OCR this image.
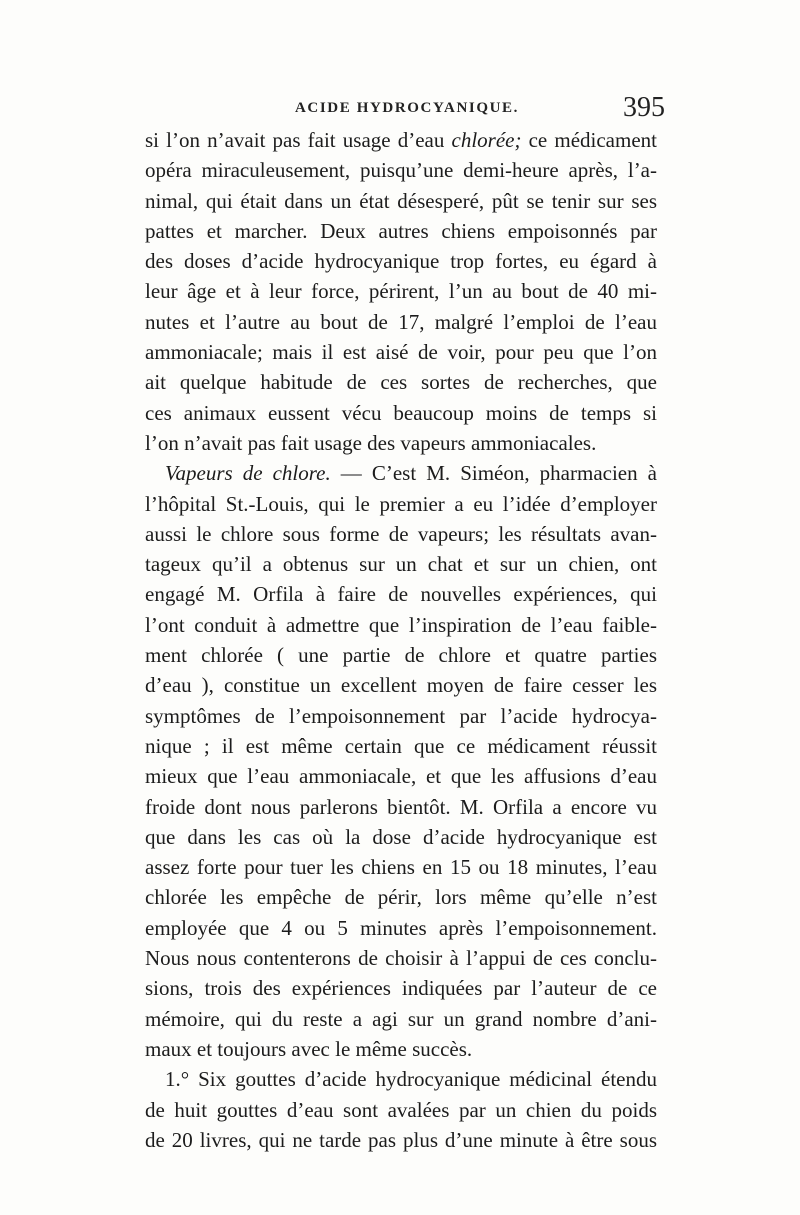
ACIDE HYDROCYANIQUE.	395
si l’on n’avait pas fait usage d’eau chlorée; ce médicament
opéra miraculeusement, puisqu’une demi-heure après, l’a-
nimal, qui était dans un état désesperé, pût se tenir sur ses
pattes et marcher. Deux autres chiens empoisonnés par
des doses d’acide hydrocyanique trop fortes, eu égard à
leur âge et à leur force, périrent, l’un au bout de 40 mi-
nutes et l’autre au bout de 17, malgré l’emploi de l’eau
ammoniacale; mais il est aisé de voir, pour peu que l’on
ait quelque habitude de ces sortes de recherches, que
ces animaux eussent vécu beaucoup moins de temps si
l’on n’avait pas fait usage des vapeurs ammoniacales.
Vapeurs de chlore. — C’est M. Siméon, pharmacien à
l’hôpital St.-Louis, qui le premier a eu l’idée d’employer
aussi le chlore sous forme de vapeurs; les résultats avan-
tageux qu’il a obtenus sur un chat et sur un chien, ont
engagé M. Orfila à faire de nouvelles expériences, qui
l’ont conduit à admettre que l’inspiration de l’eau faible-
ment chlorée ( une partie de chlore et quatre parties
d’eau ), constitue un excellent moyen de faire cesser les
symptômes de l’empoisonnement par l’acide hydrocya-
nique ; il est même certain que ce médicament réussit
mieux que l’eau ammoniacale, et que les affusions d’eau
froide dont nous parlerons bientôt. M. Orfila a encore vu
que dans les cas où la dose d’acide hydrocyanique est
assez forte pour tuer les chiens en 15 ou 18 minutes, l’eau
chlorée les empêche de périr, lors même qu’elle n’est
employée que 4 ou 5 minutes après l’empoisonnement.
Nous nous contenterons de choisir à l’appui de ces conclu-
sions, trois des expériences indiquées par l’auteur de ce
mémoire, qui du reste a agi sur un grand nombre d’ani-
maux et toujours avec le même succès.
1.° Six gouttes d’acide hydrocyanique médicinal étendu
de huit gouttes d’eau sont avalées par un chien du poids
de 20 livres, qui ne tarde pas plus d’une minute à être sous
